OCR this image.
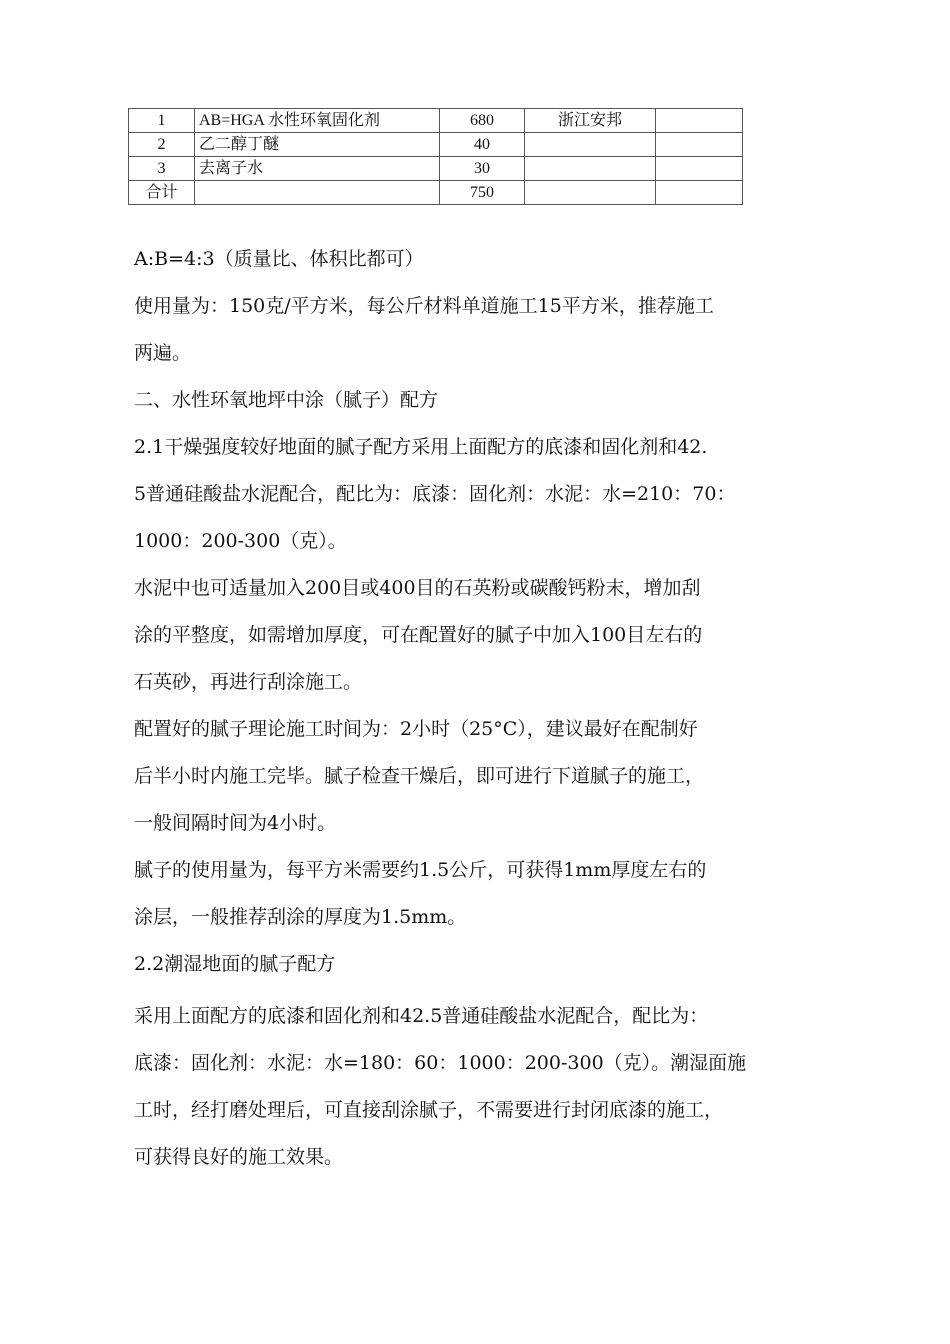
1	AB=HGA 水性环氧固化剂	680	浙江安邦	
2	乙二醇丁醚	40		
3	去离子水	30		
合计		750		

A:B=4:3（质量比、体积比都可）

使用量为：150克/平方米，每公斤材料单道施工15平方米，推荐施工
两遍。

二、水性环氧地坪中涂（腻子）配方

2.1干燥强度较好地面的腻子配方采用上面配方的底漆和固化剂和42.
5普通硅酸盐水泥配合，配比为：底漆：固化剂：水泥：水=210：70：
1000：200-300（克）。

水泥中也可适量加入200目或400目的石英粉或碳酸钙粉末，增加刮
涂的平整度，如需增加厚度，可在配置好的腻子中加入100目左右的
石英砂，再进行刮涂施工。

配置好的腻子理论施工时间为：2小时（25°C），建议最好在配制好
后半小时内施工完毕。腻子检查干燥后，即可进行下道腻子的施工，
一般间隔时间为4小时。

腻子的使用量为，每平方米需要约1.5公斤，可获得1mm厚度左右的
涂层，一般推荐刮涂的厚度为1.5mm。

2.2潮湿地面的腻子配方

采用上面配方的底漆和固化剂和42.5普通硅酸盐水泥配合，配比为：
底漆：固化剂：水泥：水=180：60：1000：200-300（克）。潮湿面施
工时，经打磨处理后，可直接刮涂腻子，不需要进行封闭底漆的施工，
可获得良好的施工效果。
